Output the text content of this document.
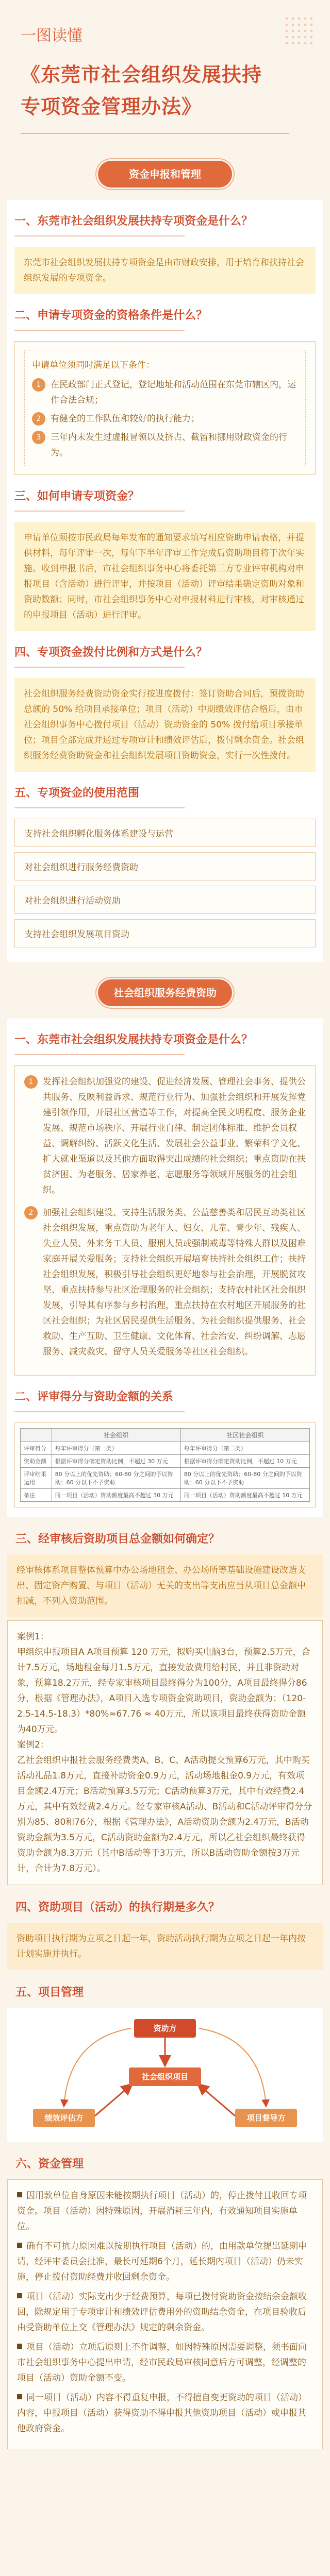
一图读懂
《东莞市社会组织发展扶持
专项资金管理办法》
资金申报和管理
一、东莞市社会组织发展扶持专项资金是什么？
东莞市社会组织发展扶持专项资金是由市财政安排，用于培育和扶持社会组织发展的专项资金。
二、申请专项资金的资格条件是什么？
申请单位须同时满足以下条件：
1	在民政部门正式登记，登记地址和活动范围在东莞市辖区内，运作合法合规；
2	有健全的工作队伍和较好的执行能力；
3	三年内未发生过虚报冒领以及挤占、截留和挪用财政资金的行为。
三、如何申请专项资金？
申请单位须按市民政局每年发布的通知要求填写相应资助申请表格，并提供材料，每年评审一次，每年下半年评审工作完成后资助项目将于次年实施。收到申报书后，市社会组织事务中心将委托第三方专业评审机构对申报项目（含活动）进行评审，并按项目（活动）评审结果确定资助对象和资助数额；同时，市社会组织事务中心对申报材料进行审核，对审核通过的申报项目（活动）进行评审。
四、专项资金拨付比例和方式是什么？
社会组织服务经费资助资金实行按进度拨付：签订资助合同后，预拨资助总额的 50% 给项目承接单位；项目（活动）中期绩效评估合格后，由市社会组织事务中心拨付项目（活动）资助资金的 50% 拨付给项目承接单位；项目全部完成并通过专项审计和绩效评估后，拨付剩余资金。社会组织服务经费资助资金和社会组织发展项目资助资金，实行一次性拨付。
五、专项资金的使用范围
支持社会组织孵化服务体系建设与运营
对社会组织进行服务经费资助
对社会组织进行活动资助
支持社会组织发展项目资助
社会组织服务经费资助
一、东莞市社会组织发展扶持专项资金是什么？
1	发挥社会组织加强党的建设、促进经济发展、管理社会事务、提供公共服务、反映利益诉求、规范行业行为、加强社会组织和开展发挥党建引领作用，开展社区营造等工作，对提高全民文明程度、服务企业发展、规范市场秩序、开展行业自律、制定团体标准、维护会员权益、调解纠纷、活跃文化生活、发展社会公益事业、繁荣科学文化、扩大就业渠道以及其他方面取得突出成绩的社会组织；重点资助在扶贫济困、为老服务、居家养老、志愿服务等领域开展服务的社会组织。
2	加强社会组织建设、支持生活服务类、公益慈善类和居民互助类社区社会组织发展，重点资助为老年人、妇女、儿童、青少年、残疾人、失业人员、外来务工人员、服刑人员或强制戒毒等特殊人群以及困难家庭开展关爱服务；支持社会组织开展培育扶持社会组织工作；扶持社会组织发展，积极引导社会组织更好地参与社会治理，开展脱贫攻坚、重点扶持参与社区治理服务的社会组织；支持农村社区社会组织发展，引导其有序参与乡村治理，重点扶持在农村地区开展服务的社区社会组织；为社区居民提供生活服务、为社会组织提供服务、社会救助、生产互助、卫生健康、文化体育、社会治安、纠纷调解、志愿服务、减灾救灾、留守人员关爱服务等社区社会组织。
二、评审得分与资助金额的关系
	社会组织	社区社会组织
评审得分	每年评审得分（第一类）	每年评审得分（第二类）
资助金额	根据评审得分确定资助比例，不超过 30 万元	根据评审得分确定资助比例，不超过 10 万元
评审结果运用	80 分以上的优先资助；60-80 分之间的予以资助；60 分以下不予资助	80 分以上的优先资助；60-80 分之间的予以资助；60 分以下不予资助
备注	同一项目（活动）资助额度最高不超过 30 万元	同一项目（活动）资助额度最高不超过 10 万元
三、经审核后资助项目总金额如何确定？
经审核体系项目整体预算中办公场地租金、办公场所等基础设施建设改造支出、固定资产购置、与项目（活动）无关的支出等支出应当从项目总金额中扣减，不列入资助范围。
案例1：
甲组织申报项目A A项目预算 120 万元，拟购买电脑3台，预算2.5万元，合计7.5万元，场地租金每月1.5万元，直接发放费用给村民，并且非资助对象，预算18.2万元，经专家审核项目最终得分为100分，A项目最终得分86分，根据《管理办法》，A项目入选专项资金资助项目，资助金额为：（120-2.5-14.5-18.3）*80%≈67.76 ≈ 40万元，所以该项目最终获得资助金额为40万元。
案例2：
乙社会组织申报社会服务经费类A、B、C、A活动提交预算6万元，其中购买活动礼品1.8万元，直接补助资金0.9万元，活动场地租金0.9万元，有效项目金额2.4万元；B活动预算3.5万元；C活动预算3万元，其中有效经费2.4万元，其中有效经费2.4万元。经专家审核A活动、B活动和C活动评审得分分别为85、80和76分，根据《管理办法》，A活动资助金额为2.4万元，B活动资助金额为3.5万元，C活动资助金额为2.4万元，所以乙社会组织最终获得资助金额为8.3万元（其中B活动等于3万元，所以B活动资助金额按3万元计，合计为7.8万元）。
四、资助项目（活动）的执行期是多久？
资助项目执行期为立项之日起一年，资助活动执行期为立项之日起一年内按计划实施并执行。
五、项目管理
资助方
社会组织项目
绩效评估方	项目督导方
六、资金管理

因用款单位自身原因未能按期执行项目（活动）的，停止拨付且收回专项资金。项目（活动）因特殊原因，开展消耗三年内，有效通知项目实施单位。

确有不可抗力原因难以按期执行项目（活动）的，由用款单位提出延期申请，经评审委员会批准，最长可延期6个月，延长期内项目（活动）仍未实施，停止拨付资助经费并收回剩余资金。

项目（活动）实际支出少于经费预算，每项已拨付资助资金按结余金额收回，除规定用于专项审计和绩效评估费用外的资助结余资金，在项目验收后由受资助单位上交《管理办法》规定的剩余资金。

项目（活动）立项后原则上不作调整，如因特殊原因需要调整，须书面向市社会组织事务中心提出申请，经市民政局审核同意后方可调整，经调整的项目（活动）资助金额不变。

同一项目（活动）内容不得重复申报，不得擅自变更资助的项目（活动）内容，申报项目（活动）获得资助不得申报其他资助项目（活动）或申报其他政府资金。
